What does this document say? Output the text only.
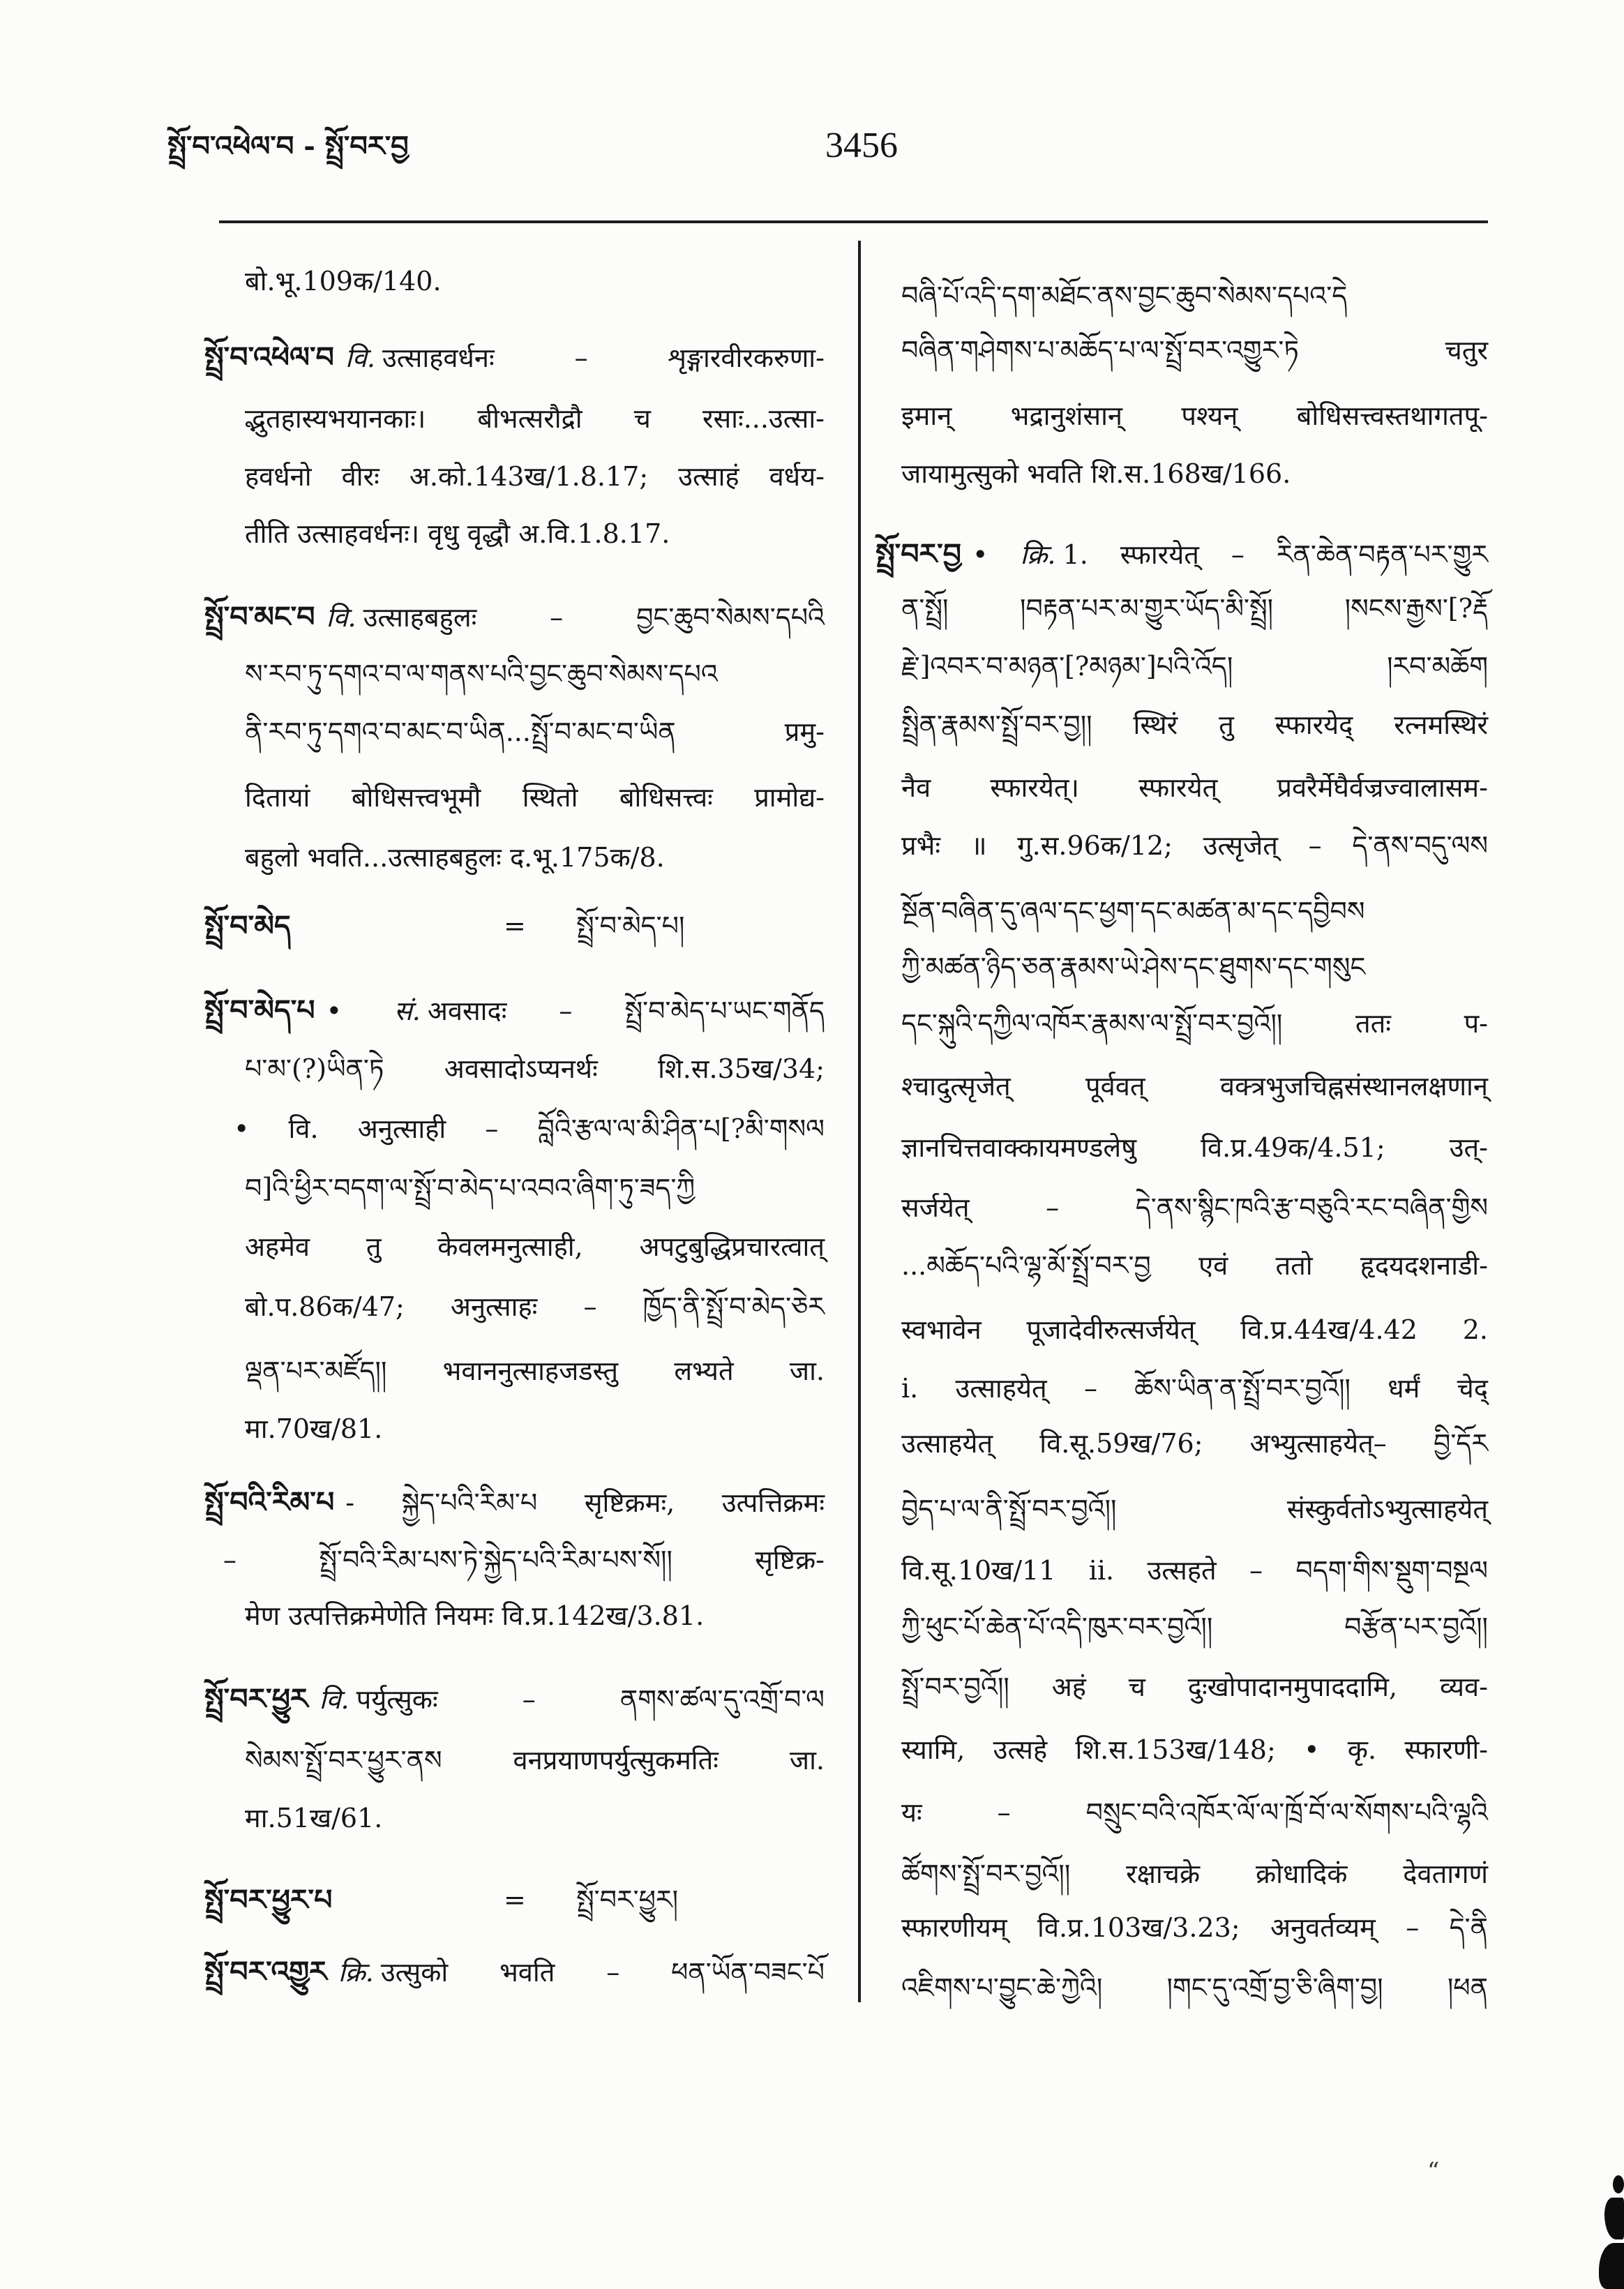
སྤྲོ་བ་འཕེལ་བ - སྤྲོ་བར་བྱ	3456
बो.भू.109क/140.
སྤྲོ་བ་འཕེལ་བ वि. उत्साहवर्धनः – शृङ्गारवीरकरुणा-
द्भुतहास्यभयानकाः। बीभत्सरौद्रौ च रसाः...उत्सा-
हवर्धनो वीरः अ.को.143ख/1.8.17; उत्साहं वर्धय-
तीति उत्साहवर्धनः। वृधु वृद्धौ अ.वि.1.8.17.
སྤྲོ་བ་མང་བ वि. उत्साहबहुलः – བྱང་ཆུབ་སེམས་དཔའི
ས་རབ་ཏུ་དགའ་བ་ལ་གནས་པའི་བྱང་ཆུབ་སེམས་དཔའ
ནི་རབ་ཏུ་དགའ་བ་མང་བ་ཡིན...སྤྲོ་བ་མང་བ་ཡིན प्रमु-
दितायां बोधिसत्त्वभूमौ स्थितो बोधिसत्त्वः प्रामोद्य-
बहुलो भवति...उत्साहबहुलः द.भू.175क/8.
སྤྲོ་བ་མེད	= སྤྲོ་བ་མེད་པ།
སྤྲོ་བ་མེད་པ • सं. अवसादः – སྤྲོ་བ་མེད་པ་ཡང་གནོད
པ་མ་(?)ཡིན་ཏེ अवसादोऽप्यनर्थः शि.स.35ख/34;
• वि. अनुत्साही – བློའི་རྩལ་ལ་མི་ཤིན་པ[?མི་གསལ
བ]འི་ཕྱིར་བདག་ལ་སྤྲོ་བ་མེད་པ་འབའ་ཞིག་ཏུ་ཟད་ཀྱི
अहमेव तु केवलमनुत्साही, अपटुबुद्धिप्रचारत्वात्
बो.प.86क/47; अनुत्साहः – ཁྱོད་ནི་སྤྲོ་བ་མེད་ཅེར
ལྡན་པར་མཛོད།། भवाननुत्साहजडस्तु लभ्यते जा.
मा.70ख/81.
སྤྲོ་བའི་རིམ་པ - སྐྱེད་པའི་རིམ་པ सृष्टिक्रमः, उत्पत्तिक्रमः
– སྤྲོ་བའི་རིམ་པས་ཏེ་སྐྱེད་པའི་རིམ་པས་སོ།། सृष्टिक्र-
मेण उत्पत्तिक्रमेणेति नियमः वि.प्र.142ख/3.81.
སྤྲོ་བར་ཕྱུར वि. पर्युत्सुकः – ནགས་ཚལ་དུ་འགྲོ་བ་ལ
སེམས་སྤྲོ་བར་ཕྱུར་ནས वनप्रयाणपर्युत्सुकमतिः जा.
मा.51ख/61.
སྤྲོ་བར་ཕྱུར་པ	= སྤྲོ་བར་ཕྱུར།
སྤྲོ་བར་འགྱུར क्रि. उत्सुको भवति – ཕན་ཡོན་བཟང་པོ
བཞི་པོ་འདི་དག་མཐོང་ནས་བྱང་ཆུབ་སེམས་དཔའ་དེ
བཞིན་གཤེགས་པ་མཆོད་པ་ལ་སྤྲོ་བར་འགྱུར་ཏེ चतुर
इमान् भद्रानुशंसान् पश्यन् बोधिसत्त्वस्तथागतपू-
जायामुत्सुको भवति शि.स.168ख/166.
སྤྲོ་བར་བྱ • क्रि. 1. स्फारयेत् – རིན་ཆེན་བརྟན་པར་གྱུར
ན་སྤྲོ། །བརྟན་པར་མ་གྱུར་ཡོད་མི་སྤྲོ། །སངས་རྒྱས་[?རྡོ
རྗེ་]འབར་བ་མཉན་[?མཉམ་]པའི་འོད། །རབ་མཆོག
སྤྲིན་རྣམས་སྤྲོ་བར་བྱ།། स्थिरं तु स्फारयेद् रत्नमस्थिरं
नैव स्फारयेत्। स्फारयेत् प्रवरैर्मेघैर्वज्रज्वालासम-
प्रभैः ॥ गु.स.96क/12; उत्सृजेत् – དེ་ནས་བདུ་ལས
སྔོན་བཞིན་དུ་ཞལ་དང་ཕྱག་དང་མཚན་མ་དང་དབྱིབས
ཀྱི་མཚན་ཉིད་ཅན་རྣམས་ཡེ་ཤེས་དང་ཐུགས་དང་གསུང
དང་སྐུའི་དཀྱིལ་འཁོར་རྣམས་ལ་སྤྲོ་བར་བྱའོ།། ततः प-
श्चादुत्सृजेत् पूर्ववत् वक्त्रभुजचिह्नसंस्थानलक्षणान्
ज्ञानचित्तवाक्कायमण्डलेषु वि.प्र.49क/4.51; उत्-
सर्जयेत् – དེ་ནས་སྙིང་ཁའི་རྩ་བཅུའི་རང་བཞིན་གྱིས
...མཆོད་པའི་ལྷ་མོ་སྤྲོ་བར་བྱ एवं ततो हृदयदशनाडी-
स्वभावेन पूजादेवीरुत्सर्जयेत् वि.प्र.44ख/4.42 2.
i. उत्साहयेत् – ཆོས་ཡིན་ན་སྤྲོ་བར་བྱའོ།། धर्मं चेद्
उत्साहयेत् वि.सू.59ख/76; अभ्युत्साहयेत्– བྱི་དོར
བྱེད་པ་ལ་ནི་སྤྲོ་བར་བྱའོ།། संस्कुर्वतोऽभ्युत्साहयेत्
वि.सू.10ख/11 ii. उत्सहते – བདག་གིས་སྡུག་བསྔལ
ཀྱི་ཕུང་པོ་ཆེན་པོ་འདི་ཁུར་བར་བྱའོ།། བརྩོན་པར་བྱའོ།།
སྤྲོ་བར་བྱའོ།། अहं च दुःखोपादानमुपाददामि, व्यव-
स्यामि, उत्सहे शि.स.153ख/148; • कृ. स्फारणी-
यः – བསྲུང་བའི་འཁོར་ལོ་ལ་ཁྲོ་བོ་ལ་སོགས་པའི་ལྷའི
ཚོགས་སྤྲོ་བར་བྱའོ།། रक्षाचक्रे क्रोधादिकं देवतागणं
स्फारणीयम् वि.प्र.103ख/3.23; अनुवर्तव्यम् – དེ་ནི
འཇིགས་པ་བྱུང་ཆེ་ཀྱེའི། །གང་དུ་འགྲོ་བྱ་ཅི་ཞིག་བྱ། །ཕན
“
